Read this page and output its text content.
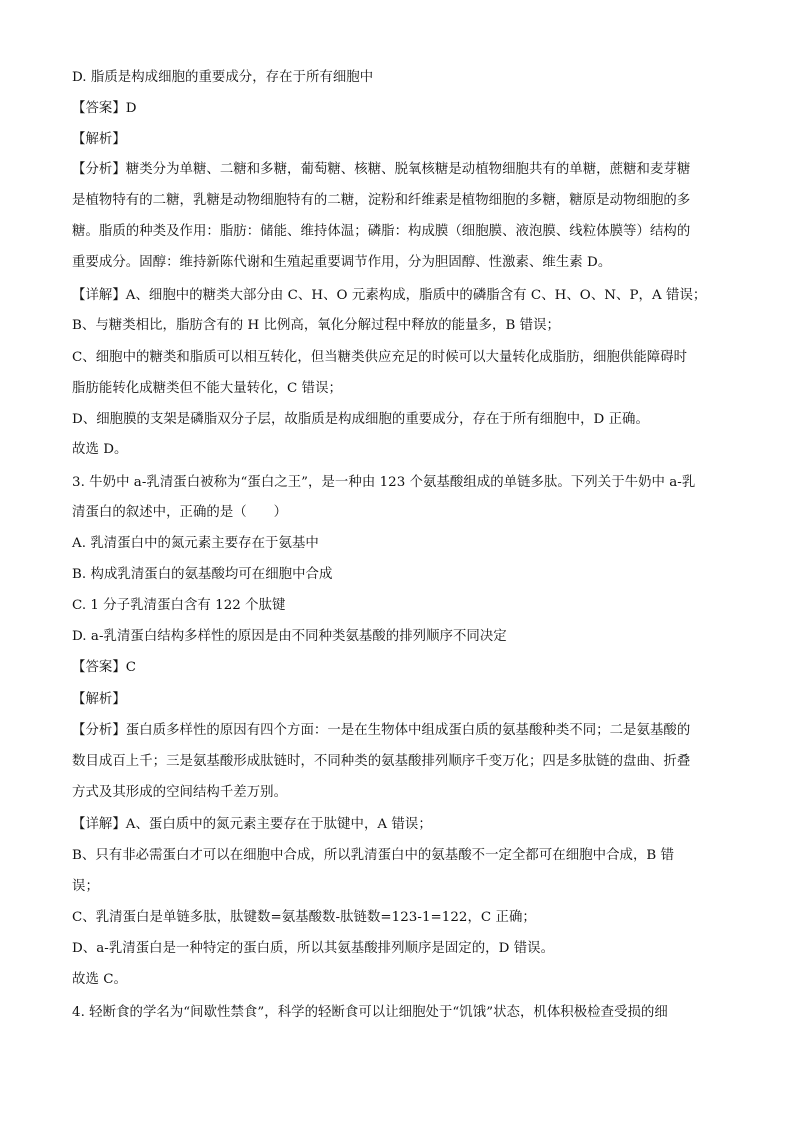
D. 脂质是构成细胞的重要成分，存在于所有细胞中
【答案】D
【解析】
【分析】糖类分为单糖、二糖和多糖，葡萄糖、核糖、脱氧核糖是动植物细胞共有的单糖，蔗糖和麦芽糖
是植物特有的二糖，乳糖是动物细胞特有的二糖，淀粉和纤维素是植物细胞的多糖，糖原是动物细胞的多
糖。脂质的种类及作用：脂肪：储能、维持体温；磷脂：构成膜（细胞膜、液泡膜、线粒体膜等）结构的
重要成分。固醇：维持新陈代谢和生殖起重要调节作用，分为胆固醇、性激素、维生素 D。
【详解】A、细胞中的糖类大部分由 C、H、O 元素构成，脂质中的磷脂含有 C、H、O、N、P，A 错误；
B、与糖类相比，脂肪含有的 H 比例高，氧化分解过程中释放的能量多，B 错误；
C、细胞中的糖类和脂质可以相互转化，但当糖类供应充足的时候可以大量转化成脂肪，细胞供能障碍时
脂肪能转化成糖类但不能大量转化，C 错误；
D、细胞膜的支架是磷脂双分子层，故脂质是构成细胞的重要成分，存在于所有细胞中，D 正确。
故选 D。
3. 牛奶中 a-乳清蛋白被称为“蛋白之王”，是一种由 123 个氨基酸组成的单链多肽。下列关于牛奶中 a-乳
清蛋白的叙述中，正确的是（　　）
A. 乳清蛋白中的氮元素主要存在于氨基中
B. 构成乳清蛋白的氨基酸均可在细胞中合成
C. 1 分子乳清蛋白含有 122 个肽键
D. a-乳清蛋白结构多样性的原因是由不同种类氨基酸的排列顺序不同决定
【答案】C
【解析】
【分析】蛋白质多样性的原因有四个方面：一是在生物体中组成蛋白质的氨基酸种类不同；二是氨基酸的
数目成百上千；三是氨基酸形成肽链时，不同种类的氨基酸排列顺序千变万化；四是多肽链的盘曲、折叠
方式及其形成的空间结构千差万别。
【详解】A、蛋白质中的氮元素主要存在于肽键中，A 错误；
B、只有非必需蛋白才可以在细胞中合成，所以乳清蛋白中的氨基酸不一定全都可在细胞中合成，B 错
误；
C、乳清蛋白是单链多肽，肽键数=氨基酸数-肽链数=123-1=122，C 正确；
D、a-乳清蛋白是一种特定的蛋白质，所以其氨基酸排列顺序是固定的，D 错误。
故选 C。
4. 轻断食的学名为“间歇性禁食”，科学的轻断食可以让细胞处于“饥饿”状态，机体积极检查受损的细
